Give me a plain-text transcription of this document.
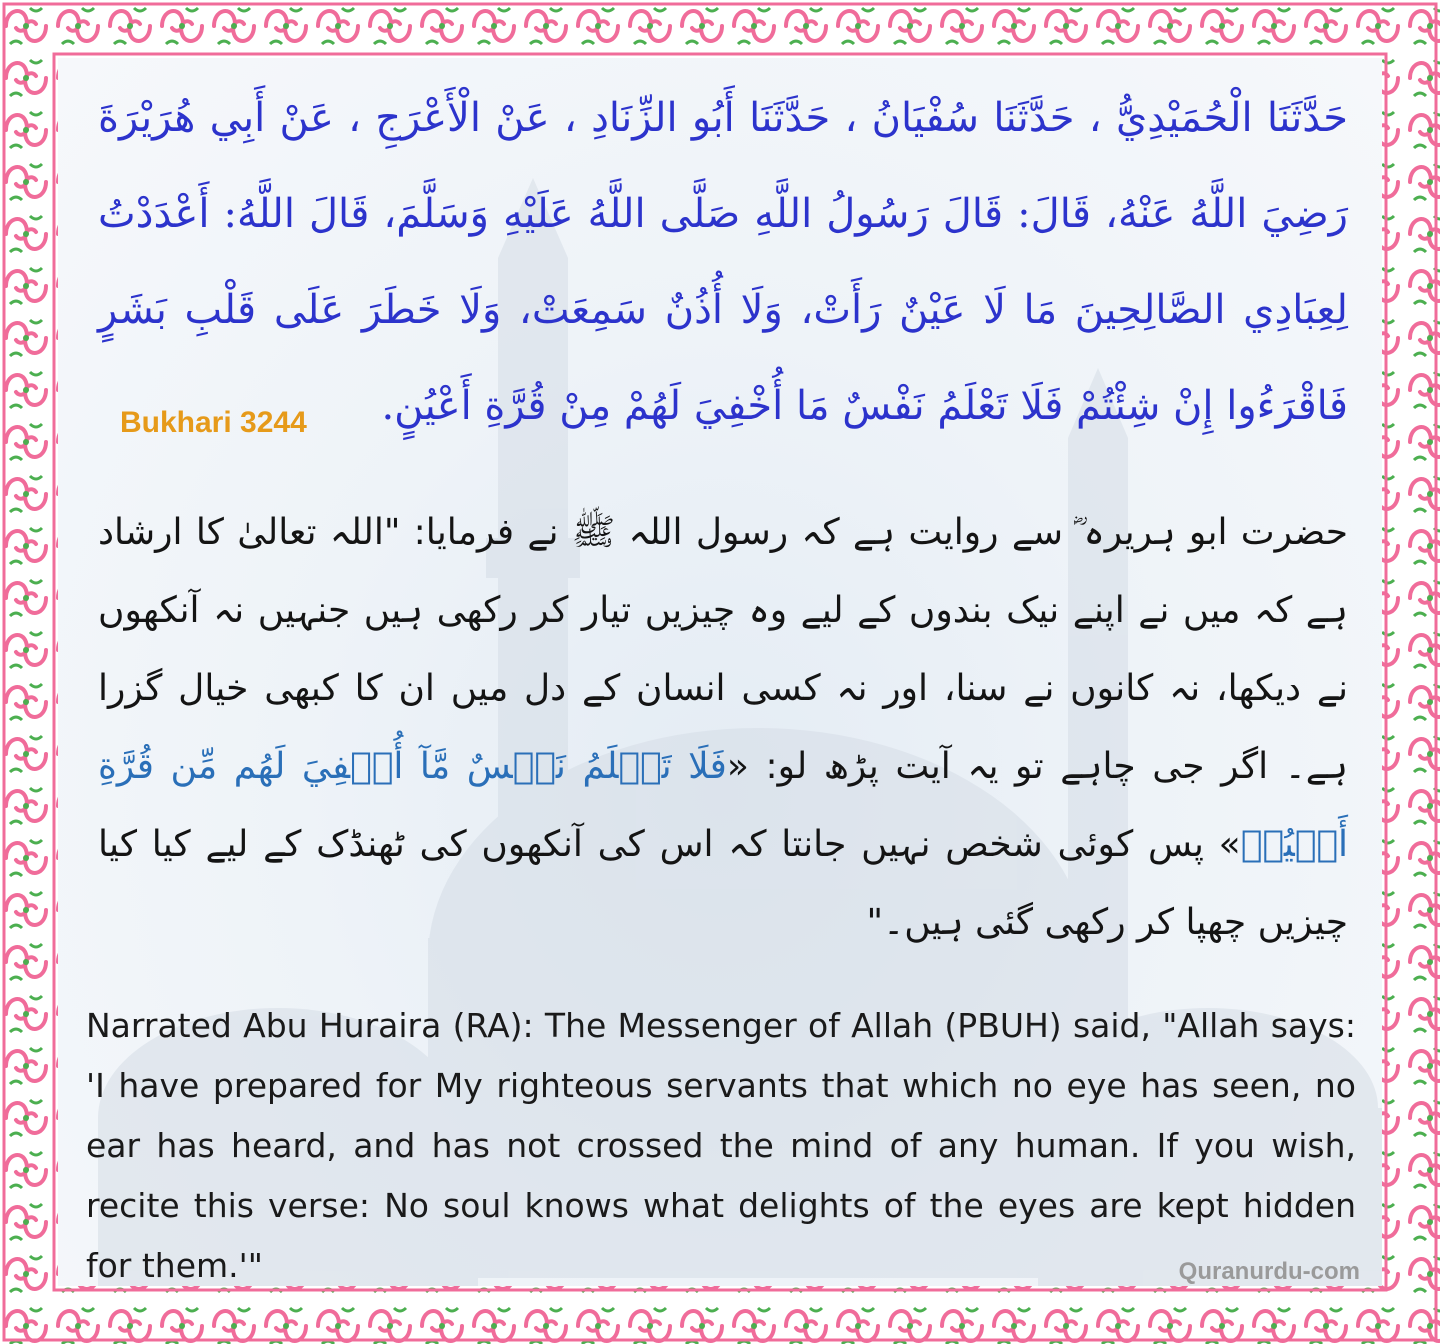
حَدَّثَنَا الْحُمَيْدِيُّ ، حَدَّثَنَا سُفْيَانُ ، حَدَّثَنَا أَبُو الزِّنَادِ ، عَنْ الْأَعْرَجِ ، عَنْ أَبِي هُرَيْرَةَ رَضِيَ اللَّهُ عَنْهُ، قَالَ: قَالَ رَسُولُ اللَّهِ صَلَّى اللَّهُ عَلَيْهِ وَسَلَّمَ، قَالَ اللَّهُ: أَعْدَدْتُ لِعِبَادِي الصَّالِحِينَ مَا لَا عَيْنٌ رَأَتْ، وَلَا أُذُنٌ سَمِعَتْ، وَلَا خَطَرَ عَلَى قَلْبِ بَشَرٍ فَاقْرَءُوا إِنْ شِئْتُمْ فَلَا تَعْلَمُ نَفْسٌ مَا أُخْفِيَ لَهُمْ مِنْ قُرَّةِ أَعْيُنٍ.
Bukhari 3244
حضرت ابو ہریرہ ؓ سے روایت ہے کہ رسول اللہ ﷺ نے فرمایا: "اللہ تعالیٰ کا ارشاد ہے کہ میں نے اپنے نیک بندوں کے لیے وہ چیزیں تیار کر رکھی ہیں جنہیں نہ آنکھوں نے دیکھا، نہ کانوں نے سنا، اور نہ کسی انسان کے دل میں ان کا کبھی خیال گزرا ہے۔ اگر جی چاہے تو یہ آیت پڑھ لو: «فَلَا تَعۡلَمُ نَفۡسٌ مَّآ أُخۡفِيَ لَهُم مِّن قُرَّةِ أَعۡيُنٖ» پس کوئی شخص نہیں جانتا کہ اس کی آنکھوں کی ٹھنڈک کے لیے کیا کیا چیزیں چھپا کر رکھی گئی ہیں۔"
Narrated Abu Huraira (RA): The Messenger of Allah (PBUH) said, "Allah says: 'I have prepared for My righteous servants that which no eye has seen, no ear has heard, and has not crossed the mind of any human. If you wish, recite this verse: No soul knows what delights of the eyes are kept hidden for them.'"	Quranurdu-com
